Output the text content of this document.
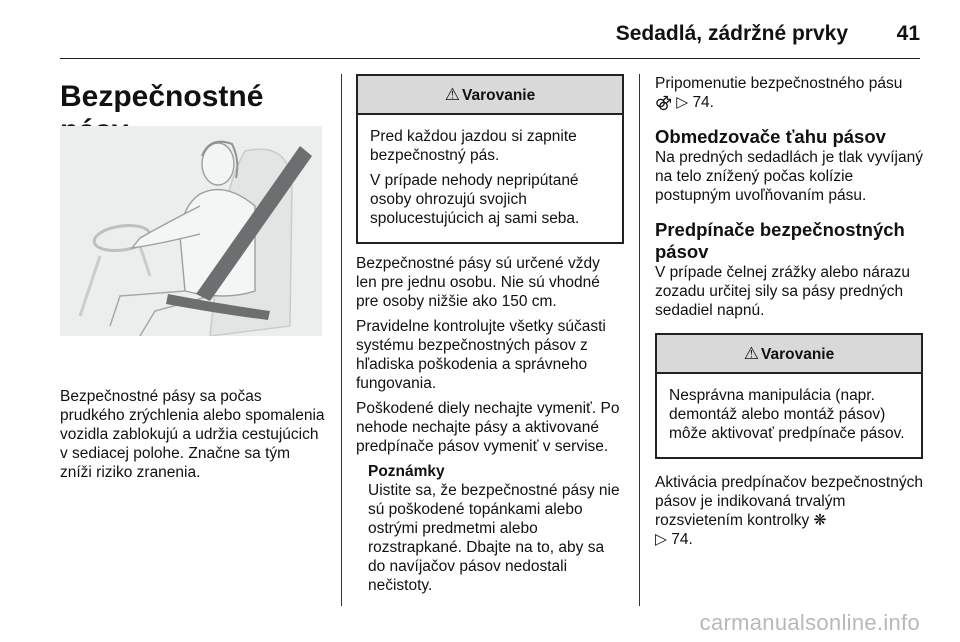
Sedadlá, zádržné prvky 41
Bezpečnostné

Bezpečnostné pásy sa počas prudkého zrýchlenia alebo spomalenia vozidla zablokujú a udržia cestujúcich v sediacej polohe. Značne sa tým zníži riziko zranenia.

⚠ Varovanie

Pred každou jazdou si zapnite bezpečnostný pás.

V prípade nehody nepripútané osoby ohrozujú svojich spolucestujúcich aj sami seba.

Bezpečnostné pásy sú určené vždy len pre jednu osobu. Nie sú vhodné pre osoby nižšie ako 150 cm.

Pravidelne kontrolujte všetky súčasti systému bezpečnostných pásov z hľadiska poškodenia a správneho fungovania.

Poškodené diely nechajte vymeniť. Po nehode nechajte pásy a aktivované predpínače pásov vymeniť v servise.

Poznámky

Uistite sa, že bezpečnostné pásy nie sú poškodené topánkami alebo ostrými predmetmi alebo rozstrapkané. Dbajte na to, aby sa do navíjačov pásov nedostali nečistoty.

Pripomenutie bezpečnostného pásu
⚣ ▷ 74.

Obmedzovače ťahu pásov

Na predných sedadlách je tlak vyvíjaný na telo znížený počas kolízie postupným uvoľňovaním pásu.

Predpínače bezpečnostných pásov

V prípade čelnej zrážky alebo nárazu zozadu určitej sily sa pásy predných sedadiel napnú.

⚠ Varovanie

Nesprávna manipulácia (napr. demontáž alebo montáž pásov) môže aktivovať predpínače pásov.

Aktivácia predpínačov bezpečnostných pásov je indikovaná trvalým rozsvietením kontrolky ❋
▷ 74.

carmanualsonline.info
